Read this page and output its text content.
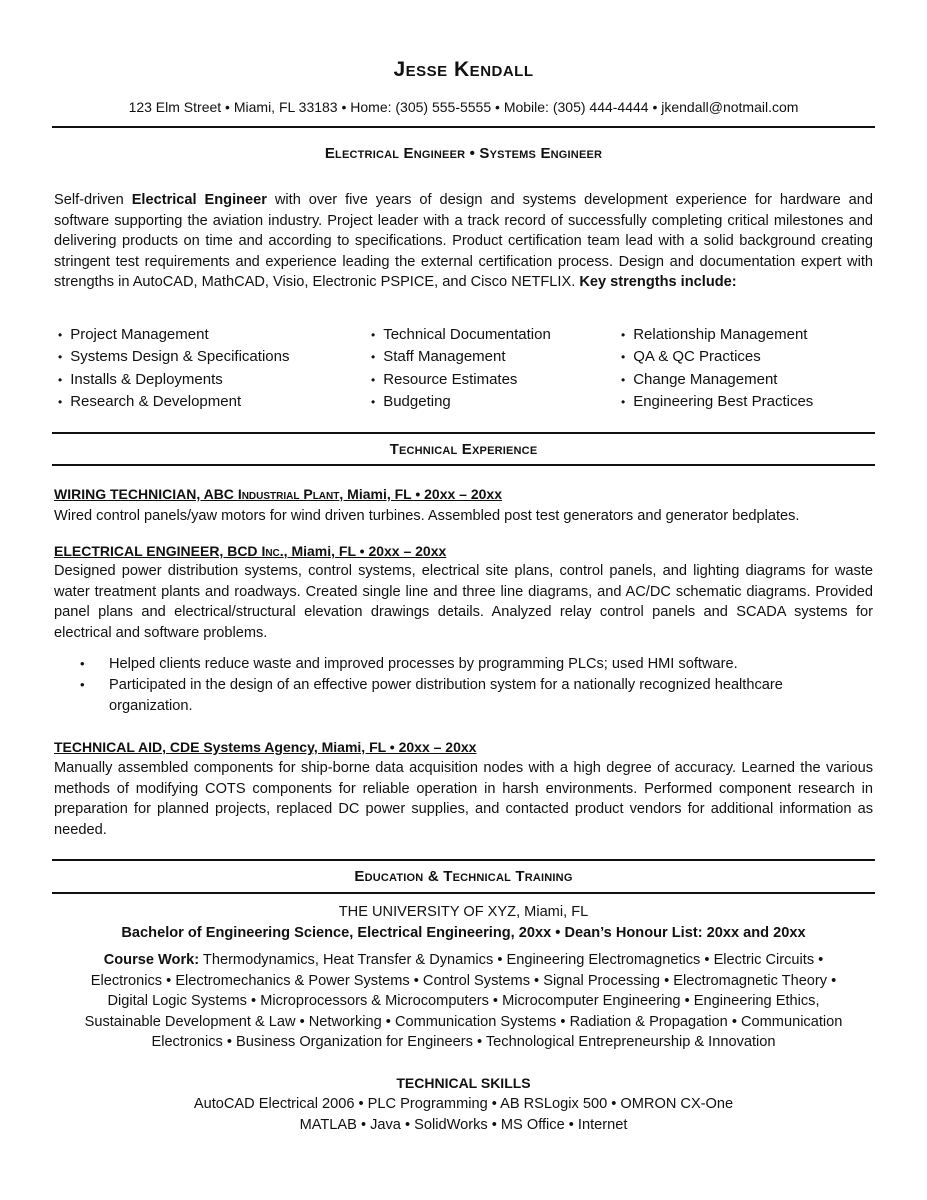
Jesse Kendall
123 Elm Street • Miami, FL 33183 • Home: (305) 555-5555 • Mobile: (305) 444-4444 • jkendall@notmail.com
Electrical Engineer • Systems Engineer
Self-driven Electrical Engineer with over five years of design and systems development experience for hardware and software supporting the aviation industry. Project leader with a track record of successfully completing critical milestones and delivering products on time and according to specifications. Product certification team lead with a solid background creating stringent test requirements and experience leading the external certification process. Design and documentation expert with strengths in AutoCAD, MathCAD, Visio, Electronic PSPICE, and Cisco NETFLIX. Key strengths include:
• Project Management
• Systems Design & Specifications
• Installs & Deployments
• Research & Development
• Technical Documentation
• Staff Management
• Resource Estimates
• Budgeting
• Relationship Management
• QA & QC Practices
• Change Management
• Engineering Best Practices
Technical Experience
WIRING TECHNICIAN, ABC Industrial Plant, Miami, FL • 20xx – 20xx
Wired control panels/yaw motors for wind driven turbines. Assembled post test generators and generator bedplates.
ELECTRICAL ENGINEER, BCD Inc., Miami, FL • 20xx – 20xx
Designed power distribution systems, control systems, electrical site plans, control panels, and lighting diagrams for waste water treatment plants and roadways. Created single line and three line diagrams, and AC/DC schematic diagrams. Provided panel plans and electrical/structural elevation drawings details. Analyzed relay control panels and SCADA systems for electrical and software problems.
• Helped clients reduce waste and improved processes by programming PLCs; used HMI software.
• Participated in the design of an effective power distribution system for a nationally recognized healthcare organization.
TECHNICAL AID, CDE Systems Agency, Miami, FL • 20xx – 20xx
Manually assembled components for ship-borne data acquisition nodes with a high degree of accuracy. Learned the various methods of modifying COTS components for reliable operation in harsh environments. Performed component research in preparation for planned projects, replaced DC power supplies, and contacted product vendors for additional information as needed.
Education & Technical Training
THE UNIVERSITY OF XYZ, Miami, FL
Bachelor of Engineering Science, Electrical Engineering, 20xx • Dean’s Honour List: 20xx and 20xx
Course Work: Thermodynamics, Heat Transfer & Dynamics • Engineering Electromagnetics • Electric Circuits •
Electronics • Electromechanics & Power Systems • Control Systems • Signal Processing • Electromagnetic Theory •
Digital Logic Systems • Microprocessors & Microcomputers • Microcomputer Engineering • Engineering Ethics,
Sustainable Development & Law • Networking • Communication Systems • Radiation & Propagation • Communication
Electronics • Business Organization for Engineers • Technological Entrepreneurship & Innovation
TECHNICAL SKILLS
AutoCAD Electrical 2006 • PLC Programming • AB RSLogix 500 • OMRON CX-One
MATLAB • Java • SolidWorks • MS Office • Internet
